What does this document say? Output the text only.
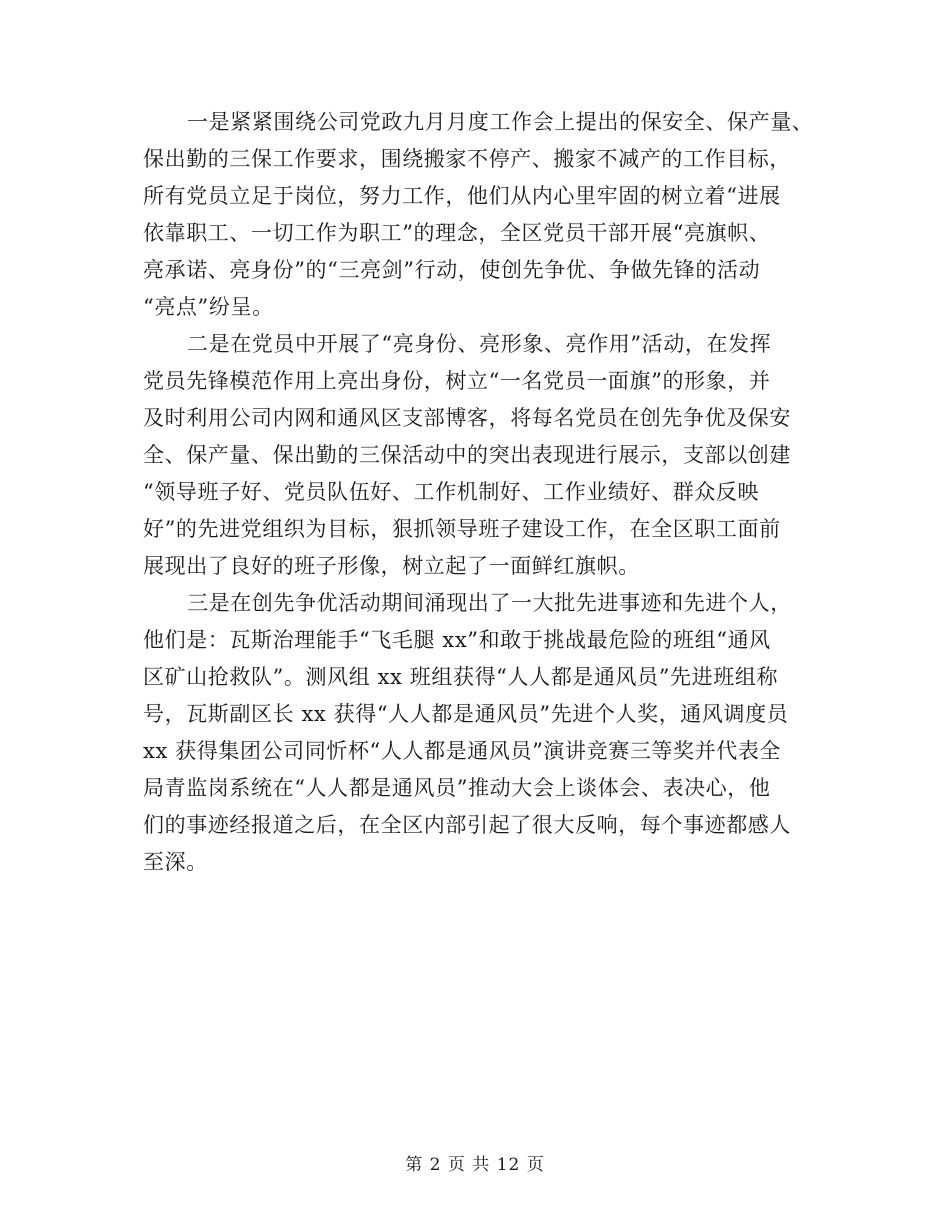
一是紧紧围绕公司党政九月月度工作会上提出的保安全、保产量、
保出勤的三保工作要求，围绕搬家不停产、搬家不减产的工作目标，
所有党员立足于岗位，努力工作，他们从内心里牢固的树立着“进展
依靠职工、一切工作为职工”的理念，全区党员干部开展“亮旗帜、
亮承诺、亮身份”的“三亮剑”行动，使创先争优、争做先锋的活动
“亮点”纷呈。

二是在党员中开展了“亮身份、亮形象、亮作用”活动，在发挥
党员先锋模范作用上亮出身份，树立“一名党员一面旗”的形象，并
及时利用公司内网和通风区支部博客，将每名党员在创先争优及保安
全、保产量、保出勤的三保活动中的突出表现进行展示，支部以创建
“领导班子好、党员队伍好、工作机制好、工作业绩好、群众反映
好”的先进党组织为目标，狠抓领导班子建设工作，在全区职工面前
展现出了良好的班子形像，树立起了一面鲜红旗帜。

三是在创先争优活动期间涌现出了一大批先进事迹和先进个人，
他们是：瓦斯治理能手“飞毛腿 xx”和敢于挑战最危险的班组“通风
区矿山抢救队”。测风组 xx 班组获得“人人都是通风员”先进班组称
号，瓦斯副区长 xx 获得“人人都是通风员”先进个人奖，通风调度员
xx 获得集团公司同忻杯“人人都是通风员”演讲竞赛三等奖并代表全
局青监岗系统在“人人都是通风员”推动大会上谈体会、表决心，他
们的事迹经报道之后，在全区内部引起了很大反响，每个事迹都感人
至深。

第 2 页 共 12 页
